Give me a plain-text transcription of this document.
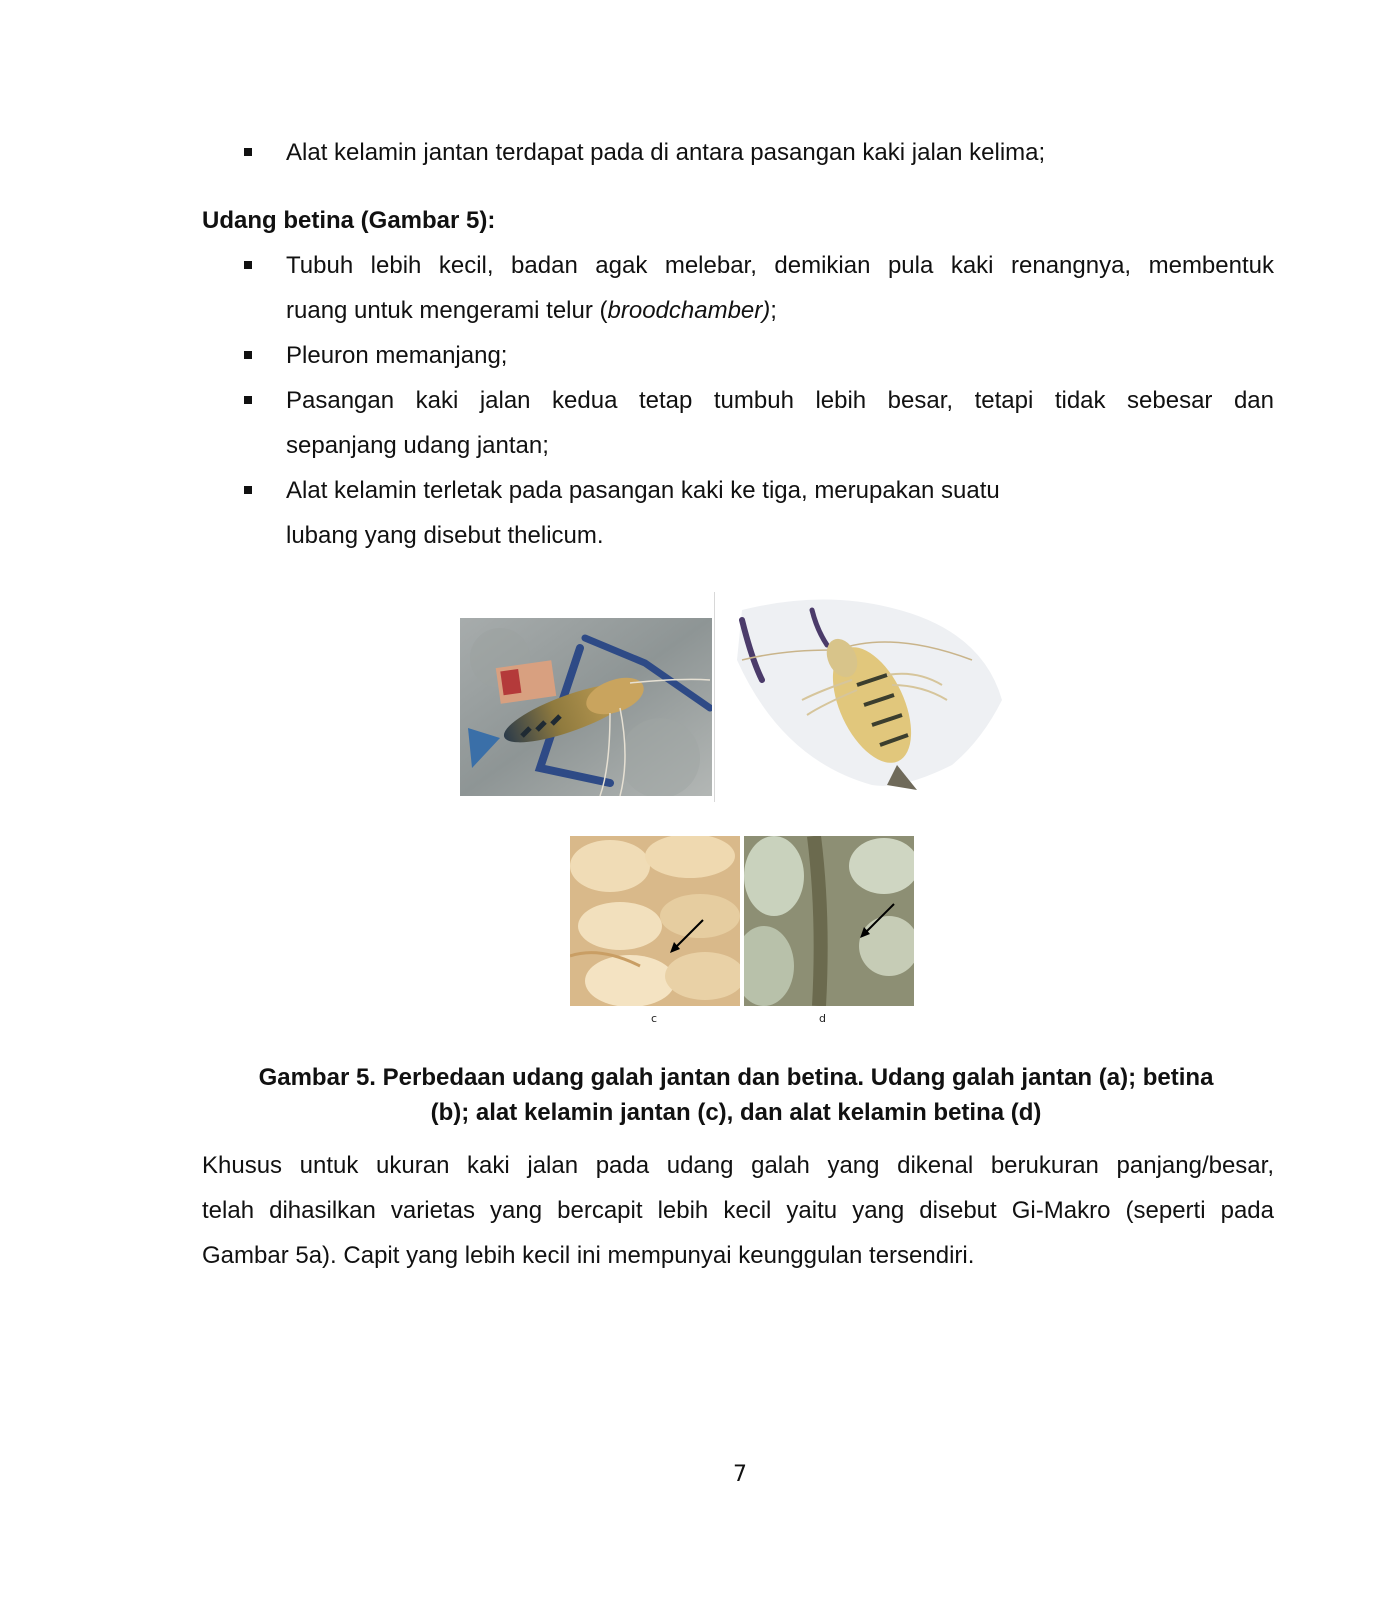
Alat kelamin jantan terdapat pada di antara pasangan kaki jalan kelima;
Udang betina (Gambar 5):
Tubuh lebih kecil, badan agak melebar, demikian pula kaki renangnya, membentuk
ruang untuk mengerami telur (broodchamber);
Pleuron memanjang;
Pasangan kaki jalan kedua tetap tumbuh lebih besar, tetapi tidak sebesar dan
sepanjang udang jantan;
Alat kelamin terletak pada pasangan kaki ke tiga, merupakan suatu
lubang yang disebut thelicum.
c	d
Gambar 5. Perbedaan udang galah jantan dan betina. Udang galah jantan (a); betina
(b); alat kelamin jantan (c), dan alat kelamin betina (d)
Khusus untuk ukuran kaki jalan pada udang galah yang dikenal berukuran panjang/besar,
telah dihasilkan varietas yang bercapit lebih kecil yaitu yang disebut Gi-Makro (seperti pada
Gambar 5a). Capit yang lebih kecil ini mempunyai keunggulan tersendiri.
7
